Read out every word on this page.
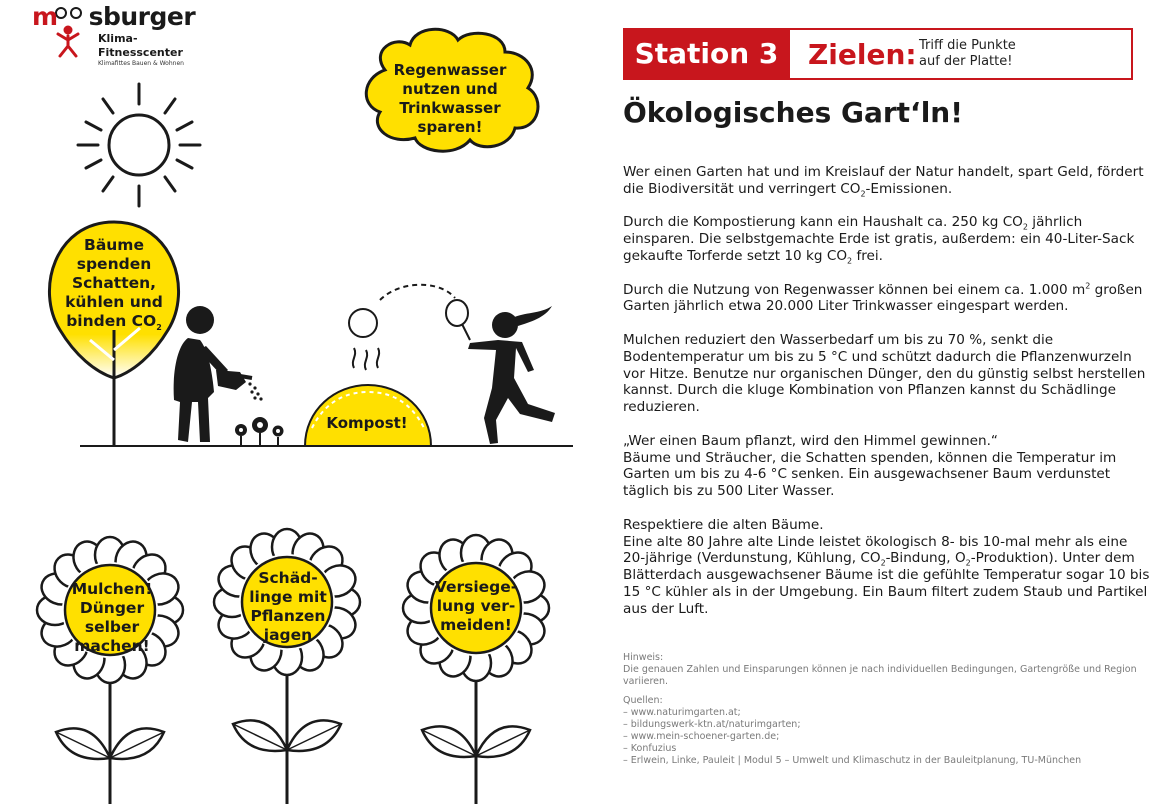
m sburger
Klima-
Fitnesscenter
Klimafittes Bauen & Wohnen	Station 3	Zielen: Triff die Punkte
auf der Platte!
Ökologisches Gart‘ln!

Wer einen Garten hat und im Kreislauf der Natur handelt, spart Geld, fördert die Biodiversität und verringert $CO_2$-Emissionen.

Durch die Kompostierung kann ein Haushalt ca. 250 kg $CO_2$ jährlich einsparen. Die selbstgemachte Erde ist gratis, außerdem: ein 40-Liter-Sack gekaufte Torferde setzt 10 kg $CO_2$ frei.

Durch die Nutzung von Regenwasser können bei einem ca. 1.000 $m^2$ großen Garten jährlich etwa 20.000 Liter Trinkwasser eingespart werden.

Mulchen reduziert den Wasserbedarf um bis zu 70 %, senkt die Bodentemperatur um bis zu 5 °C und schützt dadurch die Pflanzenwurzeln vor Hitze. Benutze nur organischen Dünger, den du günstig selbst herstellen kannst. Durch die kluge Kombination von Pflanzen kannst du Schädlinge reduzieren.

„Wer einen Baum pflanzt, wird den Himmel gewinnen.“

Bäume und Sträucher, die Schatten spenden, können die Temperatur im Garten um bis zu 4-6 °C senken. Ein ausgewachsener Baum verdunstet täglich bis zu 500 Liter Wasser.

Respektiere die alten Bäume.

Eine alte 80 Jahre alte Linde leistet ökologisch 8- bis 10-mal mehr als eine 20-jährige (Verdunstung, Kühlung, $CO_2$-Bindung, $O_2-Produktion$). Unter dem Blätterdach ausgewachsener Bäume ist die gefühlte Temperatur sogar 10 bis 15 °C kühler als in der Umgebung. Ein Baum filtert zudem Staub und Partikel aus der Luft.

Hinweis:

Die genauen Zahlen und Einsparungen können je nach individuellen Bedingungen, Gartengröße und Region variieren.

Quellen:

– www.naturimgarten.at;

– bildungswerk-ktn.at/naturimgarten;

– www.mein-schoener-garten.de;

– Konfuzius

– Erlwein, Linke, Pauleit | Modul 5 – Umwelt und Klimaschutz in der Bauleitplanung, TU-München

Regenwasser
nutzen und
Trinkwasser
sparen!
Bäume
spenden
Schatten,
kühlen und
binden $CO_2$
Kompost!
Mulchen!
Dünger
selber
machen!
Schäd-
linge mit
Pflanzen
jagen
Versiege-
lung ver-
meiden!
